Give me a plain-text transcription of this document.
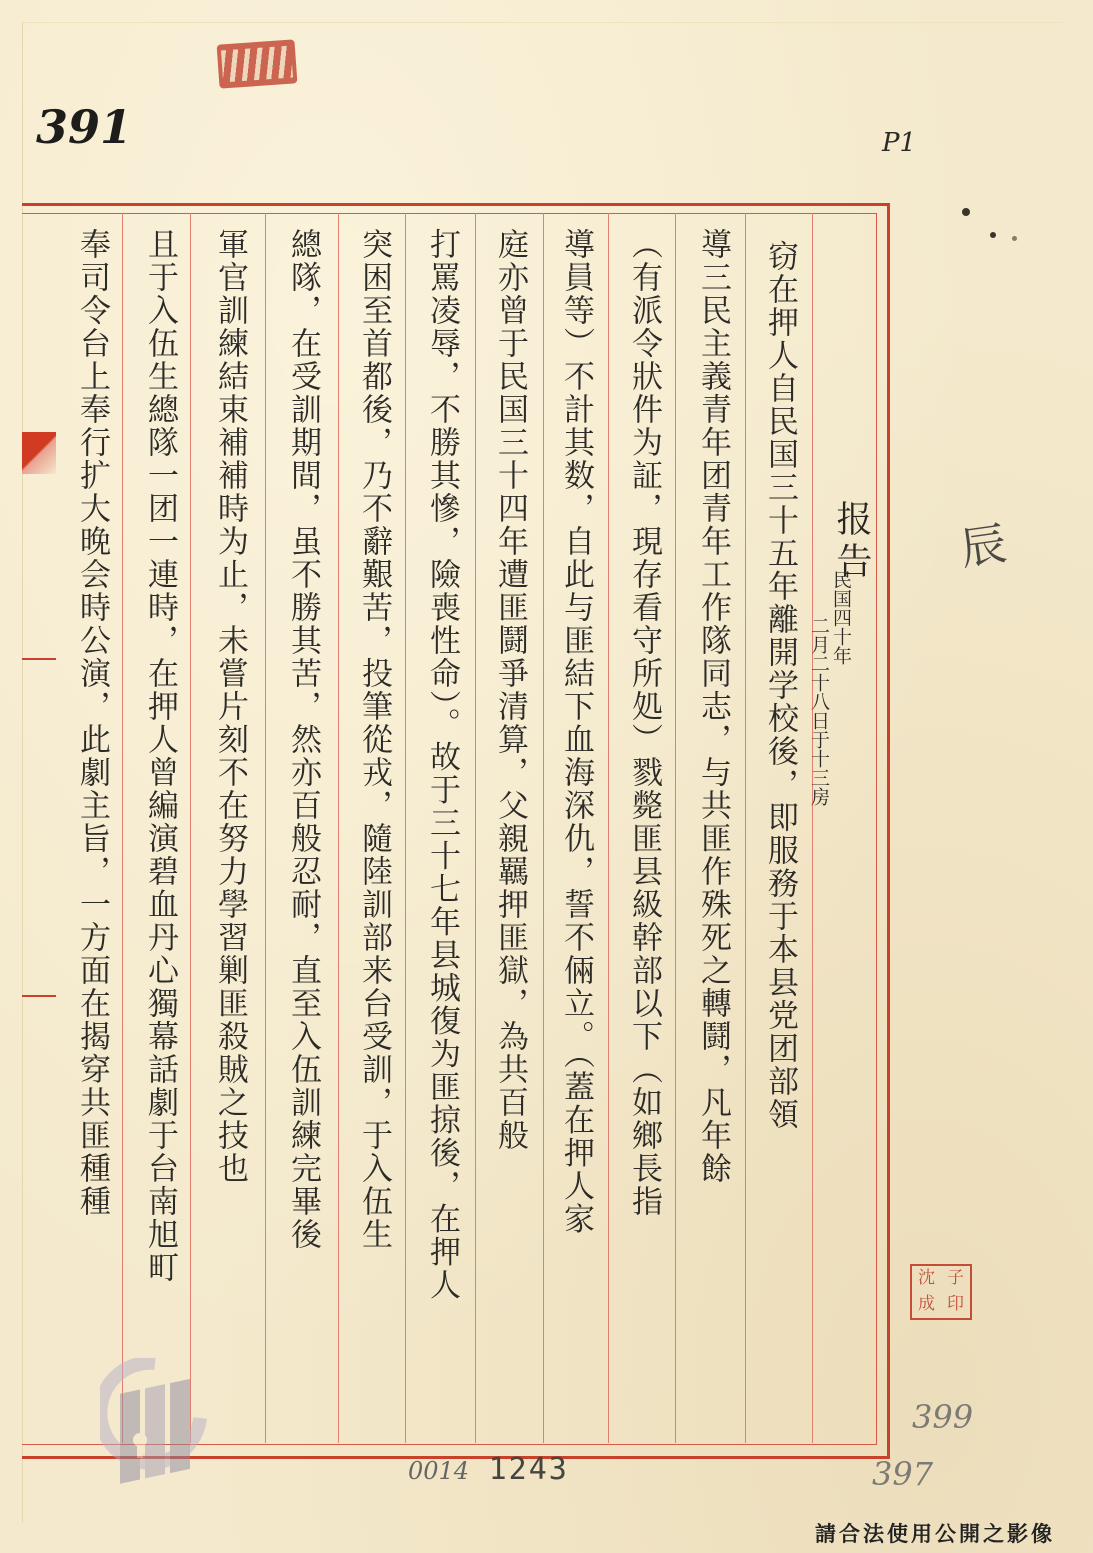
391	P1
窃在押人自民国三十五年離開学校後，即服務于本县党团部領
導三民主義青年团青年工作隊同志，与共匪作殊死之轉鬪，凡年餘
（有派令狀件为証，現存看守所処）戮斃匪县級幹部以下（如鄉長指
導員等）不計其数，自此与匪結下血海深仇，誓不倆立。（蓋在押人家
庭亦曾于民国三十四年遭匪鬪爭清算，父親羈押匪獄，為共百般
打罵凌辱，不勝其慘，險喪性命）。故于三十七年县城復为匪掠後，在押人
突困至首都後，乃不辭艱苦，投筆從戎，隨陸訓部来台受訓，于入伍生
總隊，在受訓期間，虽不勝其苦，然亦百般忍耐，直至入伍訓練完畢後
軍官訓練結束補補時为止，未嘗片刻不在努力學習剿匪殺賊之技也
且于入伍生總隊一团一連時，在押人曾編演碧血丹心獨幕話劇于台南旭町
奉司令台上奉行扩大晚会時公演，此劇主旨，一方面在揭穿共匪種種	报告
民国四十年
二月二十八日于十三房
辰
沈 子
成 印
399
397
0014 1243
請合法使用公開之影像
